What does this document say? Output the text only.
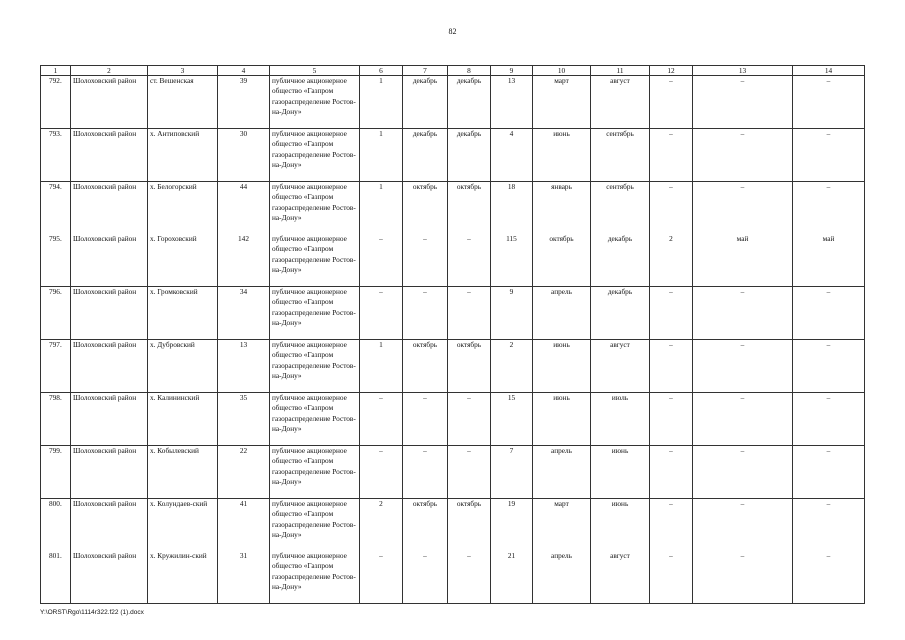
82
1	2	3	4	5	6	7	8	9	10	11	12	13	14
792.	Шолоховский район	ст. Вешенская	39	публичное акционерное общество «Газпром газораспределение Ростов-на-Дону»	1	декабрь	декабрь	13	март	август	–	–	–
793.	Шолоховский район	х. Антиповский	30	публичное акционерное общество «Газпром газораспределение Ростов-на-Дону»	1	декабрь	декабрь	4	июнь	сентябрь	–	–	–
794.	Шолоховский район	х. Белогорский	44	публичное акционерное общество «Газпром газораспределение Ростов-на-Дону»	1	октябрь	октябрь	18	январь	сентябрь	–	–	–
795.	Шолоховский район	х. Гороховский	142	публичное акционерное общество «Газпром газораспределение Ростов-на-Дону»	–	–	–	115	октябрь	декабрь	2	май	май
796.	Шолоховский район	х. Громковский	34	публичное акционерное общество «Газпром газораспределение Ростов-на-Дону»	–	–	–	9	апрель	декабрь	–	–	–
797.	Шолоховский район	х. Дубровский	13	публичное акционерное общество «Газпром газораспределение Ростов-на-Дону»	1	октябрь	октябрь	2	июнь	август	–	–	–
798.	Шолоховский район	х. Калининский	35	публичное акционерное общество «Газпром газораспределение Ростов-на-Дону»	–	–	–	15	июнь	июль	–	–	–
799.	Шолоховский район	х. Кобылевский	22	публичное акционерное общество «Газпром газораспределение Ростов-на-Дону»	–	–	–	7	апрель	июнь	–	–	–
800.	Шолоховский район	х. Колундаев-ский	41	публичное акционерное общество «Газпром газораспределение Ростов-на-Дону»	2	октябрь	октябрь	19	март	июнь	–	–	–
801.	Шолоховский район	х. Кружилин-ский	31	публичное акционерное общество «Газпром газораспределение Ростов-на-Дону»	–	–	–	21	апрель	август	–	–	–
Y:\ORST\Rgo\1114r322.f22 (1).docx
